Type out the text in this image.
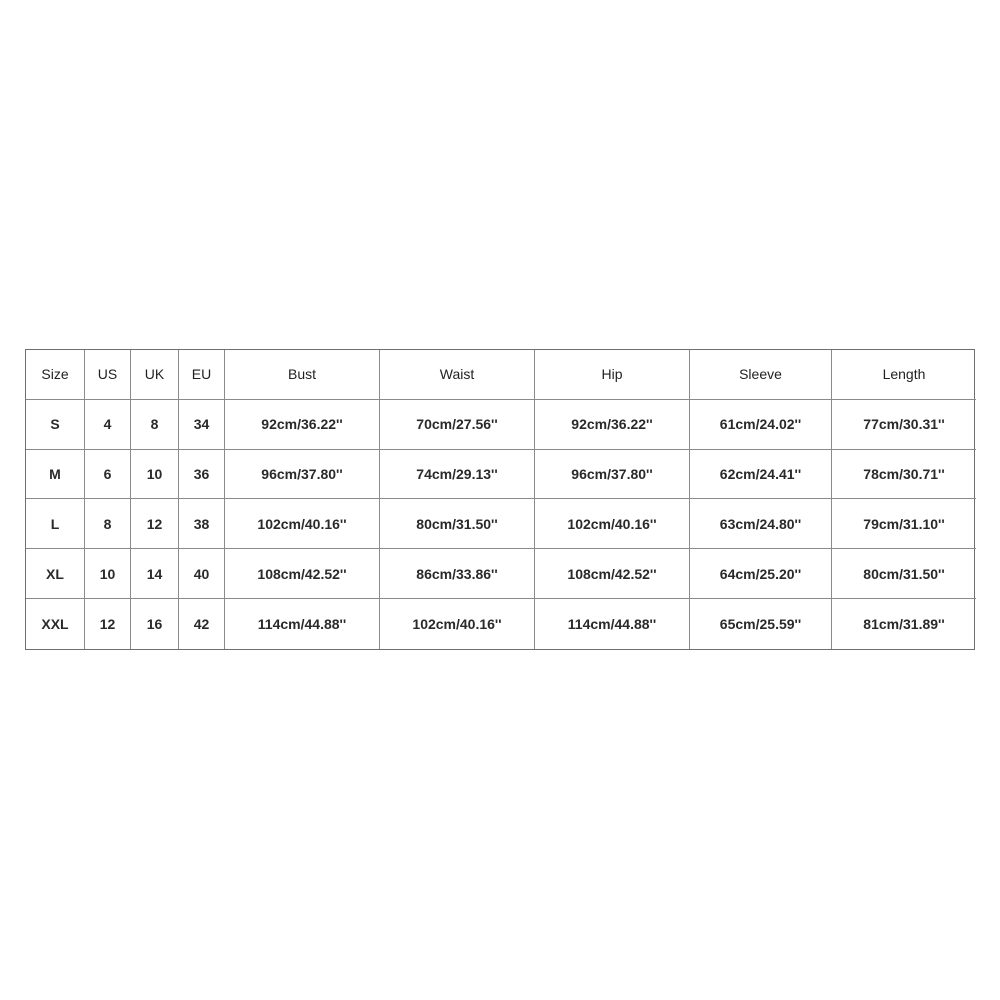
Size	US	UK	EU	Bust	Waist	Hip	Sleeve	Length
S	4	8	34	92cm/36.22''	70cm/27.56''	92cm/36.22''	61cm/24.02''	77cm/30.31''
M	6	10	36	96cm/37.80''	74cm/29.13''	96cm/37.80''	62cm/24.41''	78cm/30.71''
L	8	12	38	102cm/40.16''	80cm/31.50''	102cm/40.16''	63cm/24.80''	79cm/31.10''
XL	10	14	40	108cm/42.52''	86cm/33.86''	108cm/42.52''	64cm/25.20''	80cm/31.50''
XXL	12	16	42	114cm/44.88''	102cm/40.16''	114cm/44.88''	65cm/25.59''	81cm/31.89''
